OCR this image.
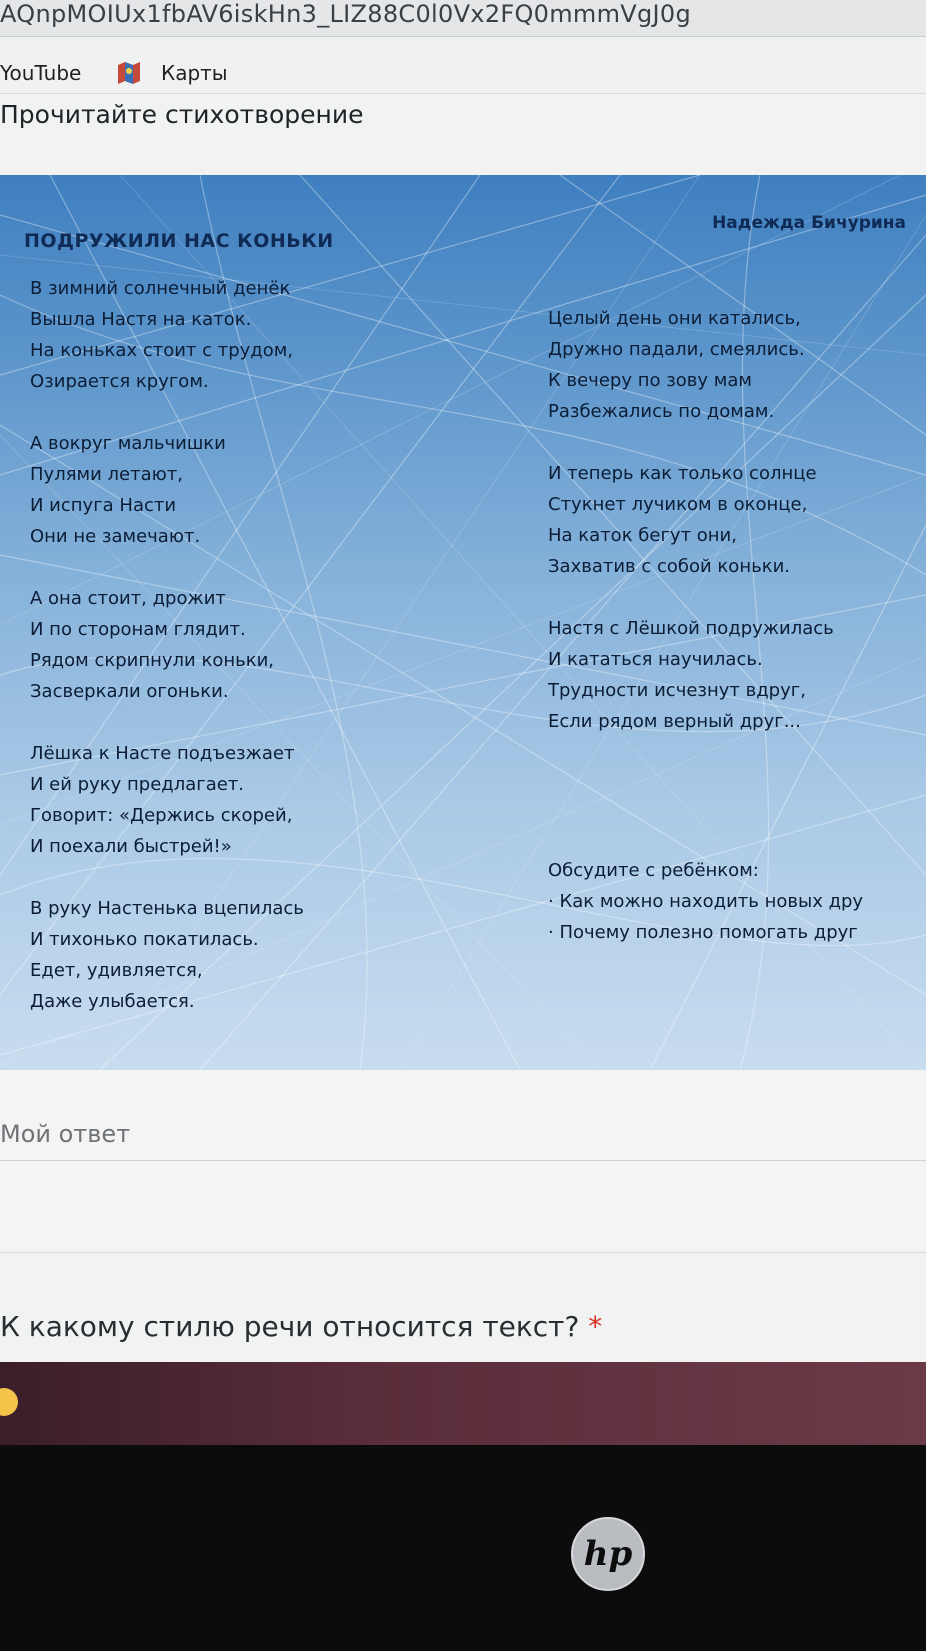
AQnpMOIUx1fbAV6iskHn3_LIZ88C0l0Vx2FQ0mmmVgJ0g
YouTube	Карты
Прочитайте стихотворение
ПОДРУЖИЛИ НАС КОНЬКИ
Надежда Бичурина
В зимний солнечный денёк
Вышла Настя на каток.
На коньках стоит с трудом,
Озирается кругом.
А вокруг мальчишки
Пулями летают,
И испуга Насти
Они не замечают.
А она стоит, дрожит
И по сторонам глядит.
Рядом скрипнули коньки,
Засверкали огоньки.
Лёшка к Насте подъезжает
И ей руку предлагает.
Говорит: «Держись скорей,
И поехали быстрей!»
В руку Настенька вцепилась
И тихонько покатилась.
Едет, удивляется,
Даже улыбается.
Целый день они катались,
Дружно падали, смеялись.
К вечеру по зову мам
Разбежались по домам.
И теперь как только солнце
Стукнет лучиком в оконце,
На каток бегут они,
Захватив с собой коньки.
Настя с Лёшкой подружилась
И кататься научилась.
Трудности исчезнут вдруг,
Если рядом верный друг...
Обсудите с ребёнком:
· Как можно находить новых дру
· Почему полезно помогать друг
Мой ответ
К какому стилю речи относится текст? *
hp
